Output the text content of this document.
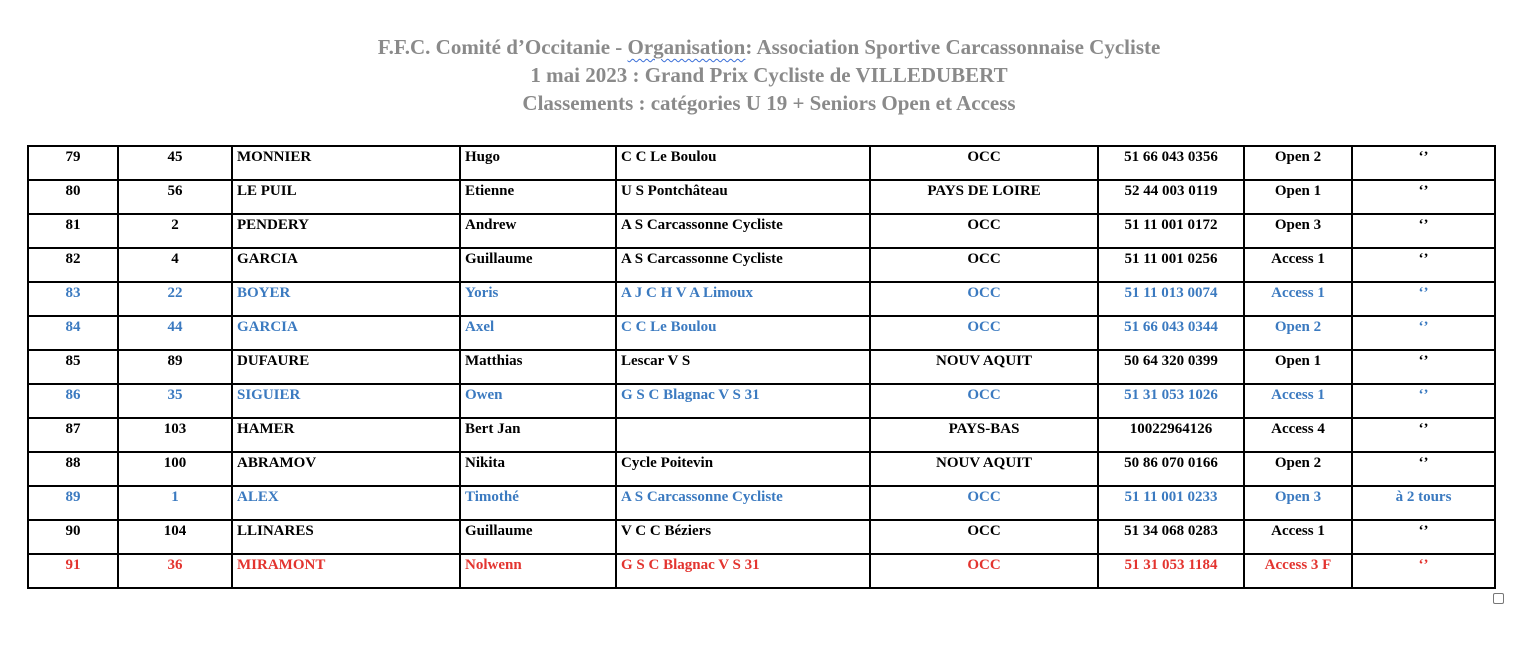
F.F.C. Comité d’Occitanie - Organisation: Association Sportive Carcassonnaise Cycliste
1 mai 2023 : Grand Prix Cycliste de VILLEDUBERT
Classements : catégories U 19 + Seniors Open et Access
79	45	MONNIER	Hugo	C C Le Boulou	OCC	51 66 043 0356	Open 2	‘’
80	56	LE PUIL	Etienne	U S Pontchâteau	PAYS DE LOIRE	52 44 003 0119	Open 1	‘’
81	2	PENDERY	Andrew	A S Carcassonne Cycliste	OCC	51 11 001 0172	Open 3	‘’
82	4	GARCIA	Guillaume	A S Carcassonne Cycliste	OCC	51 11 001 0256	Access 1	‘’
83	22	BOYER	Yoris	A J C H V A Limoux	OCC	51 11 013 0074	Access 1	‘’
84	44	GARCIA	Axel	C C Le Boulou	OCC	51 66 043 0344	Open 2	‘’
85	89	DUFAURE	Matthias	Lescar V S	NOUV AQUIT	50 64 320 0399	Open 1	‘’
86	35	SIGUIER	Owen	G S C Blagnac V S 31	OCC	51 31 053 1026	Access 1	‘’
87	103	HAMER	Bert Jan		PAYS-BAS	10022964126	Access 4	‘’
88	100	ABRAMOV	Nikita	Cycle Poitevin	NOUV AQUIT	50 86 070 0166	Open 2	‘’
89	1	ALEX	Timothé	A S Carcassonne Cycliste	OCC	51 11 001 0233	Open 3	à 2 tours
90	104	LLINARES	Guillaume	V C C Béziers	OCC	51 34 068 0283	Access 1	‘’
91	36	MIRAMONT	Nolwenn	G S C Blagnac V S 31	OCC	51 31 053 1184	Access 3 F	‘’
